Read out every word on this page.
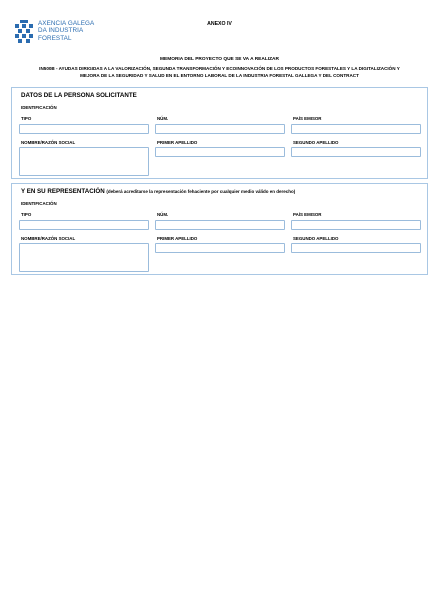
AXENCIA GALEGA
DA INDUSTRIA
FORESTAL
ANEXO IV
MEMORIA DEL PROYECTO QUE SE VA A REALIZAR
IN500B - AYUDAS DIRIGIDAS A LA VALORIZACIÓN, SEGUNDA TRANSFORMACIÓN Y ECOINNOVACIÓN DE LOS PRODUCTOS FORESTALES Y LA DIGITALIZACIÓN Y
MEJORA DE LA SEGURIDAD Y SALUD EN EL ENTORNO LABORAL DE LA INDUSTRIA FORESTAL GALLEGA Y DEL CONTRACT
DATOS DE LA PERSONA SOLICITANTE
IDENTIFICACIÓN
TIPO	NÚM.	PAÍS EMISOR
NOMBRE/RAZÓN SOCIAL	PRIMER APELLIDO	SEGUNDO APELLIDO
Y EN SU REPRESENTACIÓN (deberá acreditarse la representación fehaciente por cualquier medio válido en derecho)
IDENTIFICACIÓN
TIPO	NÚM.	PAÍS EMISOR
NOMBRE/RAZÓN SOCIAL	PRIMER APELLIDO	SEGUNDO APELLIDO
